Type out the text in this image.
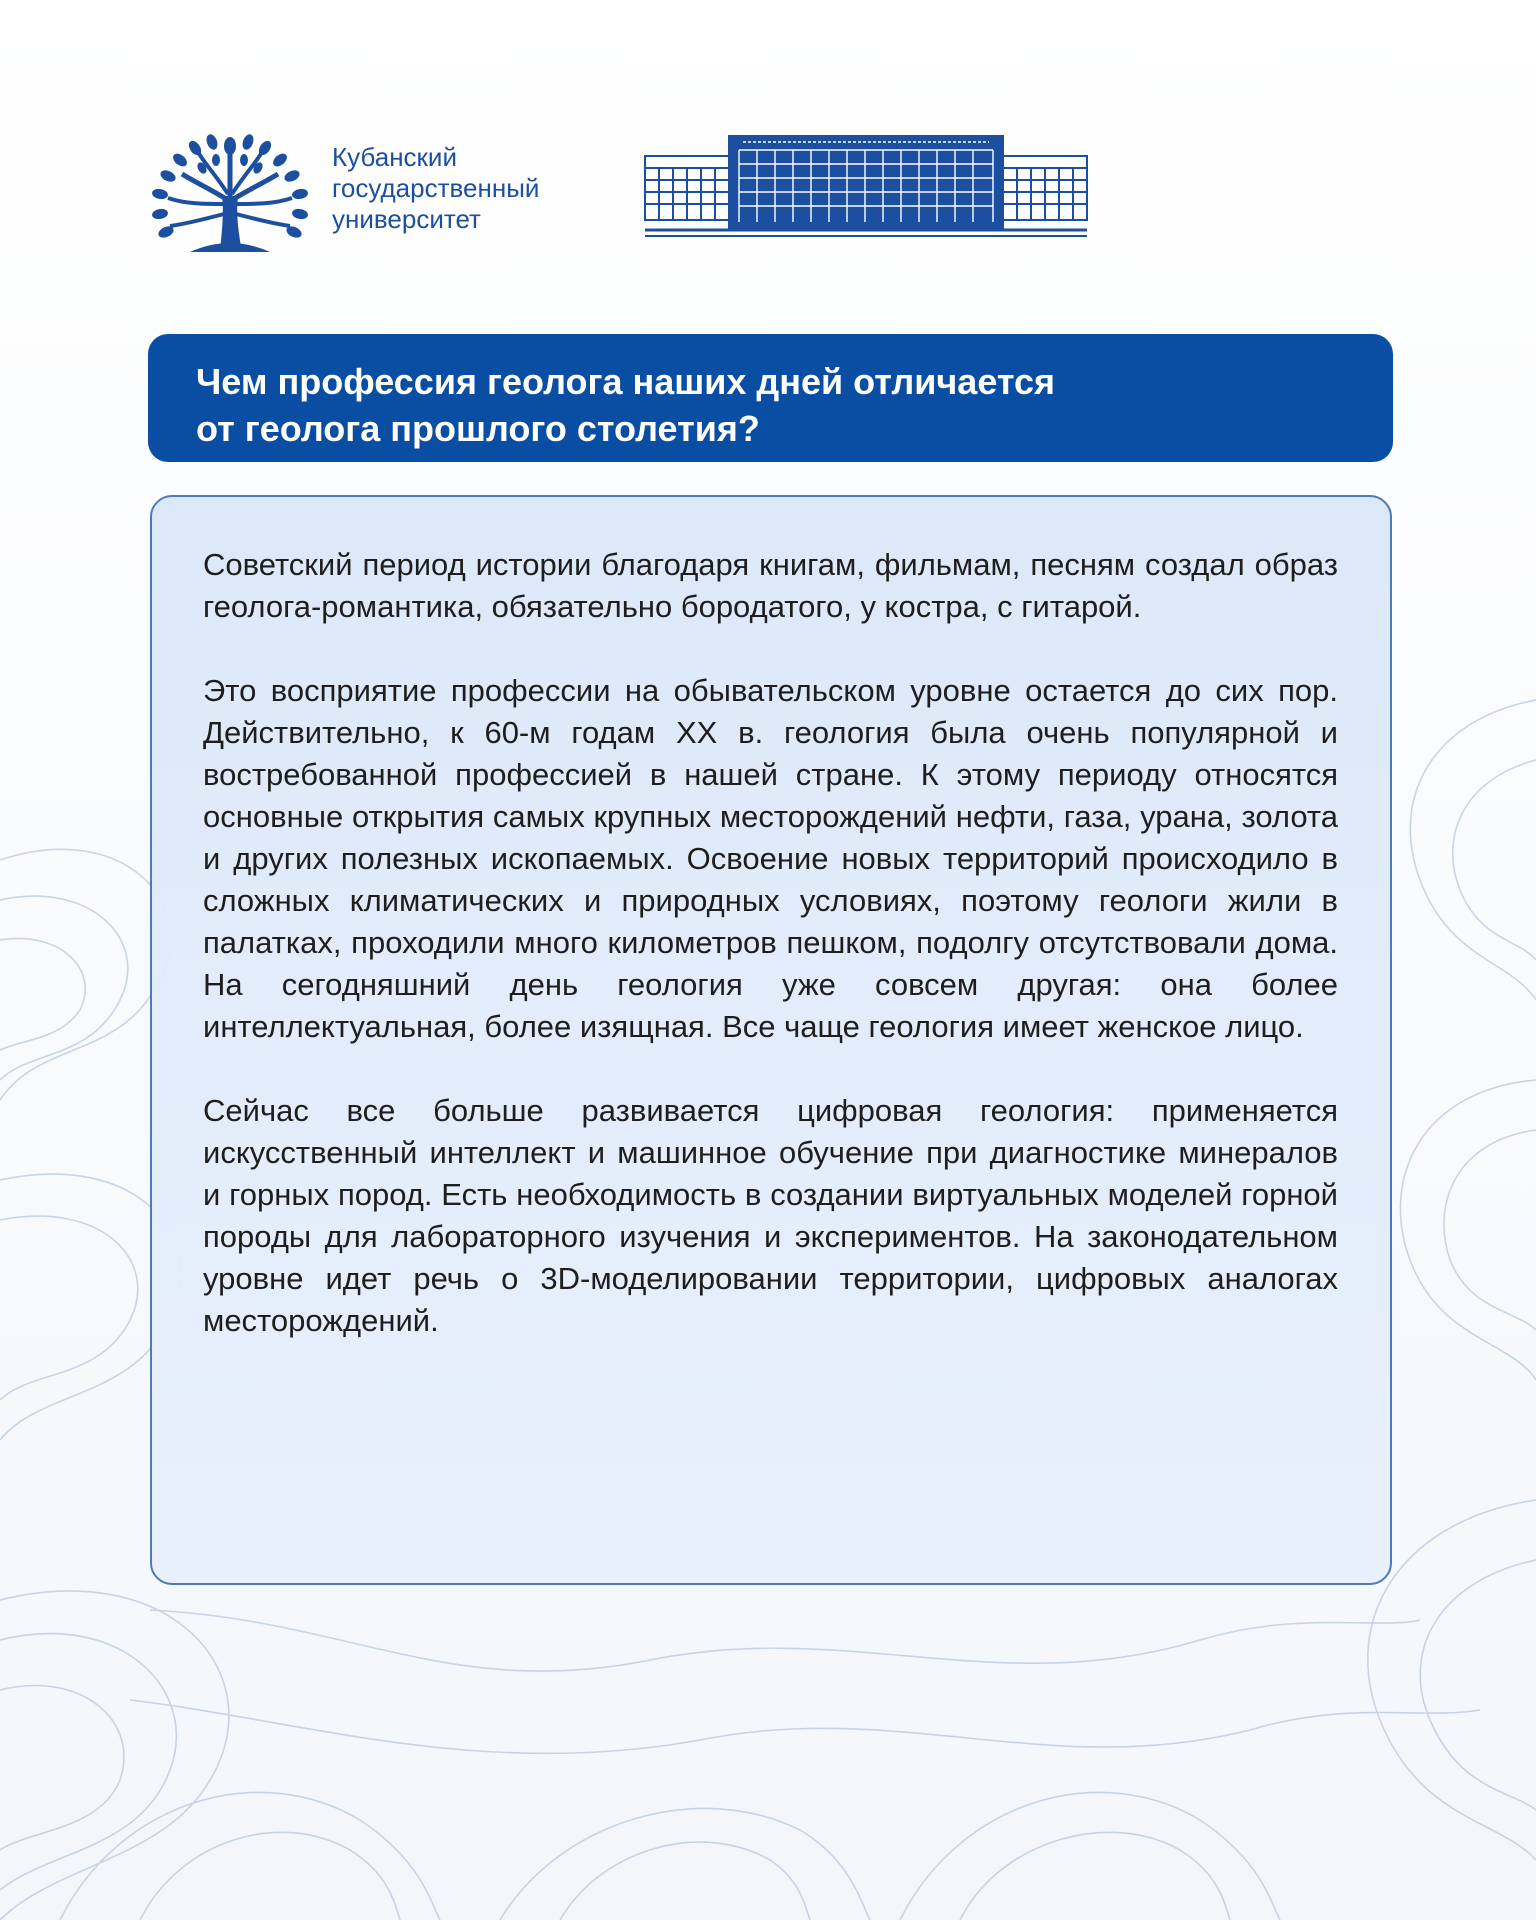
Кубанский
государственный
университет
Чем профессия геолога наших дней отличается
от геолога прошлого столетия?

Советский период истории благодаря книгам, фильмам, песням создал образ геолога-романтика, обязательно бородатого, у костра, с гитарой.

Это восприятие профессии на обывательском уровне остается до сих пор. Действительно, к 60-м годам XX в. геология была очень популярной и востребованной профессией в нашей стране. К этому периоду относятся основные открытия самых крупных месторождений нефти, газа, урана, золота и других полезных ископаемых. Освоение новых территорий происходило в сложных климатических и природных условиях, поэтому геологи жили в палатках, проходили много километров пешком, подолгу отсутствовали дома. На сегодняшний день геология уже совсем другая: она более интеллектуальная, более изящная. Все чаще геология имеет женское лицо.

Сейчас все больше развивается цифровая геология: применяется искусственный интеллект и машинное обучение при диагностике минералов и горных пород. Есть необходимость в создании виртуальных моделей горной породы для лабораторного изучения и экспериментов. На законодательном уровне идет речь о 3D-моделировании территории, цифровых аналогах месторождений.
